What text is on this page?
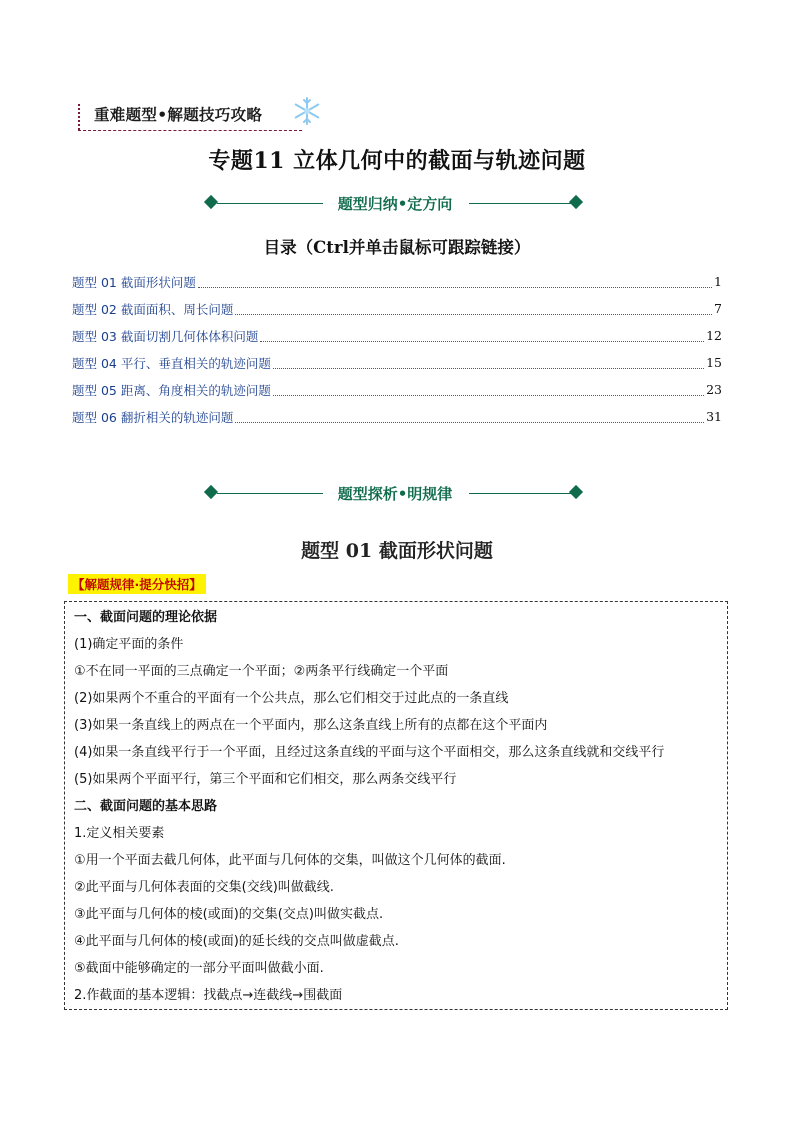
重难题型•解题技巧攻略
专题11 立体几何中的截面与轨迹问题
题型归纳•定方向
目录（Ctrl并单击鼠标可跟踪链接）
题型 01 截面形状问题	1
题型 02 截面面积、周长问题	7
题型 03 截面切割几何体体积问题	12
题型 04 平行、垂直相关的轨迹问题	15
题型 05 距离、角度相关的轨迹问题	23
题型 06 翻折相关的轨迹问题	31
题型探析•明规律
题型 01 截面形状问题
【解题规律·提分快招】
一、截面问题的理论依据
(1)确定平面的条件
①不在同一平面的三点确定一个平面；②两条平行线确定一个平面
(2)如果两个不重合的平面有一个公共点，那么它们相交于过此点的一条直线
(3)如果一条直线上的两点在一个平面内，那么这条直线上所有的点都在这个平面内
(4)如果一条直线平行于一个平面，且经过这条直线的平面与这个平面相交，那么这条直线就和交线平行
(5)如果两个平面平行，第三个平面和它们相交，那么两条交线平行
二、截面问题的基本思路
1.定义相关要素
①用一个平面去截几何体，此平面与几何体的交集，叫做这个几何体的截面.
②此平面与几何体表面的交集(交线)叫做截线.
③此平面与几何体的棱(或面)的交集(交点)叫做实截点.
④此平面与几何体的棱(或面)的延长线的交点叫做虚截点.
⑤截面中能够确定的一部分平面叫做截小面.
2.作截面的基本逻辑：找截点→连截线→围截面
